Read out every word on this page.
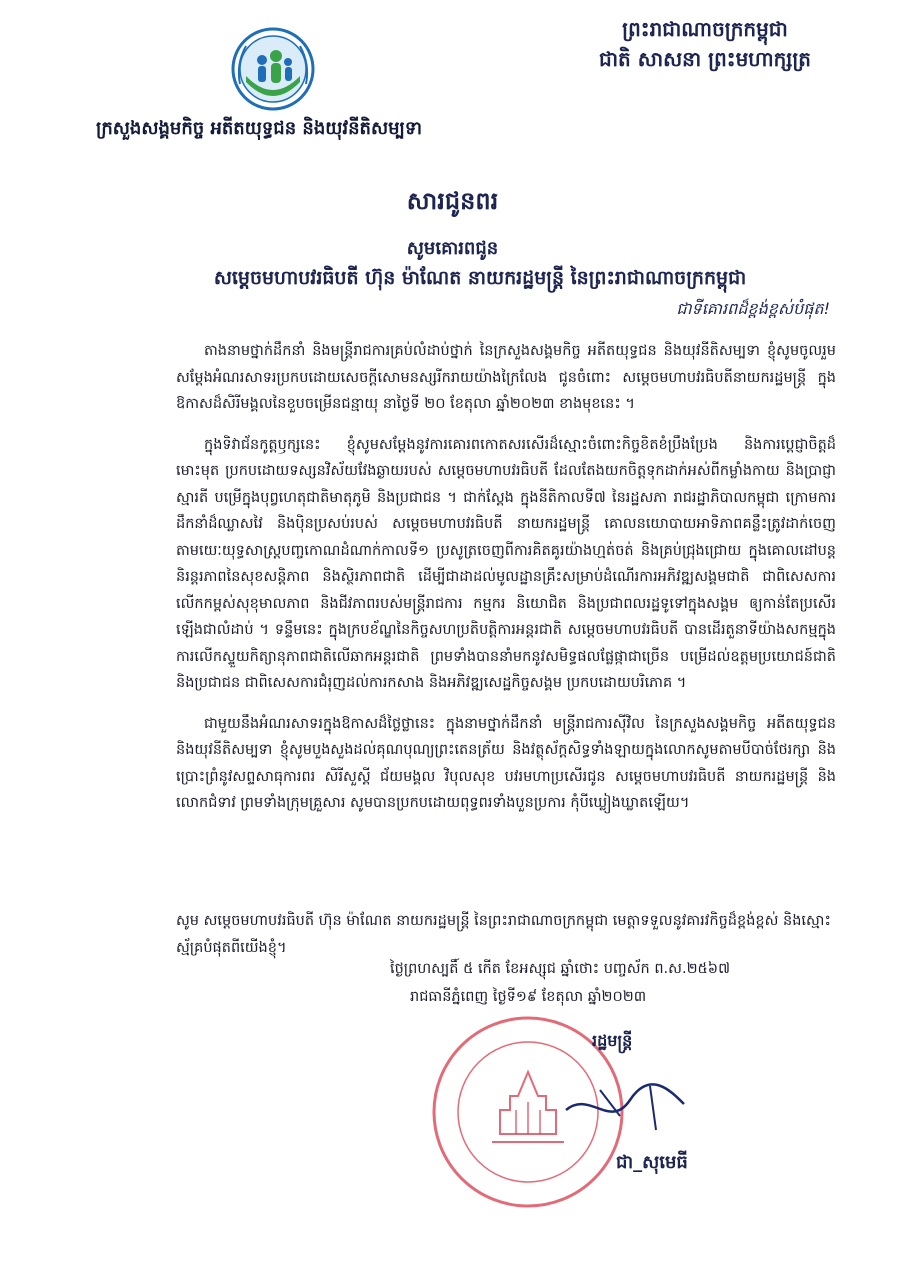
ក្រសួងសង្គមកិច្ច អតីតយុទ្ធជន និងយុវនីតិសម្បទា
ព្រះរាជាណាចក្រកម្ពុជា
ជាតិ សាសនា ព្រះមហាក្សត្រ
សារជូនពរ
សូមគោរពជូន
សម្តេចមហាបវរធិបតី ហ៊ុន ម៉ាណែត នាយករដ្ឋមន្ត្រី នៃព្រះរាជាណាចក្រកម្ពុជា
ជាទីគោរពដ៏ខ្ពង់ខ្ពស់បំផុត!

តាងនាមថ្នាក់ដឹកនាំ និងមន្ត្រីរាជការគ្រប់លំដាប់ថ្នាក់ នៃក្រសួងសង្គមកិច្ច អតីតយុទ្ធជន និងយុវនីតិសម្បទា ខ្ញុំសូមចូលរួមសម្តែងអំណរសាទរប្រកបដោយសេចក្តីសោមនស្សរីករាយយ៉ាងក្រៃលែង ជូនចំពោះ សម្តេចមហាបវរធិបតីនាយករដ្ឋមន្ត្រី ក្នុងឱកាសដ៏សិរីមង្គលនៃខួបចម្រើនជន្មាយុ នាថ្ងៃទី ២០ ខែតុលា ឆ្នាំ២០២៣ ខាងមុខនេះ ។

ក្នុងទិវាជ័នកូត្តឫក្សនេះ ខ្ញុំសូមសម្តែងនូវការគោរពកោតសរសើរដ៏ស្មោះចំពោះកិច្ចខិតខំប្រឹងប្រែង និងការប្តេជ្ញាចិត្តដ៏មោះមុត ប្រកបដោយទស្សនវិស័យវែងឆ្ងាយរបស់ សម្តេចមហាបវរធិបតី ដែលតែងយកចិត្តទុកដាក់អស់ពីកម្លាំងកាយ និងប្រាជ្ញាស្មារតី បម្រើក្នុងបុព្វហេតុជាតិមាតុភូមិ និងប្រជាជន ។ ជាក់ស្តែង ក្នុងនីតិកាលទី៧ នៃរដ្ឋសភា រាជរដ្ឋាភិបាលកម្ពុជា ក្រោមការដឹកនាំដ៏ឈ្លាសវៃ និងប៉ិនប្រសប់របស់ សម្តេចមហាបវរធិបតី នាយករដ្ឋមន្ត្រី គោលនយោបាយអាទិភាពគន្លឹះត្រូវដាក់ចេញ តាមយេៈយុទ្ធសាស្ត្របញ្ចកោណដំណាក់កាលទី១ ប្រសូត្រចេញពីការគិតគូរយ៉ាងហ្មត់ចត់ និងគ្រប់ជ្រុងជ្រោយ ក្នុងគោលដៅបន្តនិរន្តរភាពនៃសុខសន្តិភាព និងស្ថិរភាពជាតិ ដើម្បីជាដាដល់មូលដ្ឋានគ្រឹះសម្រាប់ដំណើរការអភិវឌ្ឍសង្គមជាតិ ជាពិសេសការលើកកម្ពស់សុខុមាលភាព និងជីវភាពរបស់មន្ត្រីរាជការ កម្មករ និយោជិត និងប្រជាពលរដ្ឋទូទៅក្នុងសង្គម ឲ្យកាន់តែប្រសើរឡើងជាលំដាប់ ។ ទន្ទឹមនេះ ក្នុងក្របខ័ណ្ឌនៃកិច្ចសហប្រតិបត្តិការអន្តរជាតិ សម្តេចមហាបវរធិបតី បានដើរតួនាទីយ៉ាងសកម្មក្នុងការលើកស្ទួយកិត្យានុភាពជាតិលើឆាកអន្តរជាតិ ព្រមទាំងបាននាំមកនូវសមិទ្ធផលផ្លែផ្កាជាច្រើន បម្រើដល់ឧត្តមប្រយោជន៍ជាតិ និងប្រជាជន ជាពិសេសការជំរុញដល់ការកសាង និងអភិវឌ្ឍសេដ្ឋកិច្ចសង្គម ប្រកបដោយបរិភោគ ។

ជាមួយនឹងអំណរសាទរក្នុងឱកាសដ៏ថ្លៃថ្លានេះ ក្នុងនាមថ្នាក់ដឹកនាំ មន្ត្រីរាជការស៊ីវិល នៃក្រសួងសង្គមកិច្ច អតីតយុទ្ធជន និងយុវនីតិសម្បទា ខ្ញុំសូមបួងសួងដល់គុណបុណ្យព្រះតេនត្រ័យ និងវត្ថុស័ក្តសិទ្ធទាំងឡាយក្នុងលោកសូមតាមបីបាច់ថែរក្សា និងប្រោះព្រំនូវសព្ទសាធុការពរ សិរីសួស្តី ជ័យមង្គល វិបុលសុខ បវរមហាប្រសើរជូន សម្តេចមហាបវរធិបតី នាយករដ្ឋមន្ត្រី និង លោកជំទាវ ព្រមទាំងក្រុមគ្រួសារ សូមបានប្រកបដោយពុទ្ធពរទាំងបួនប្រការ កុំបីឃ្លៀងឃ្លាតឡើយ។

សូម សម្តេចមហាបវរធិបតី ហ៊ុន ម៉ាណែត នាយករដ្ឋមន្ត្រី នៃព្រះរាជាណាចក្រកម្ពុជា មេត្តាទទួលនូវគារវកិច្ចដ៏ខ្ពង់ខ្ពស់ និងស្មោះស្ម័គ្របំផុតពីយើងខ្ញុំ។
ថ្ងៃព្រហស្បតិ៍ ៥ កើត ខែអស្សុជ ឆ្នាំថោះ បញ្ចស័ក ព.ស.២៥៦៧
រាជធានីភ្នំពេញ ថ្ងៃទី១៩ ខែតុលា ឆ្នាំ២០២៣
រដ្ឋមន្ត្រី
ជា_សុមេធី
